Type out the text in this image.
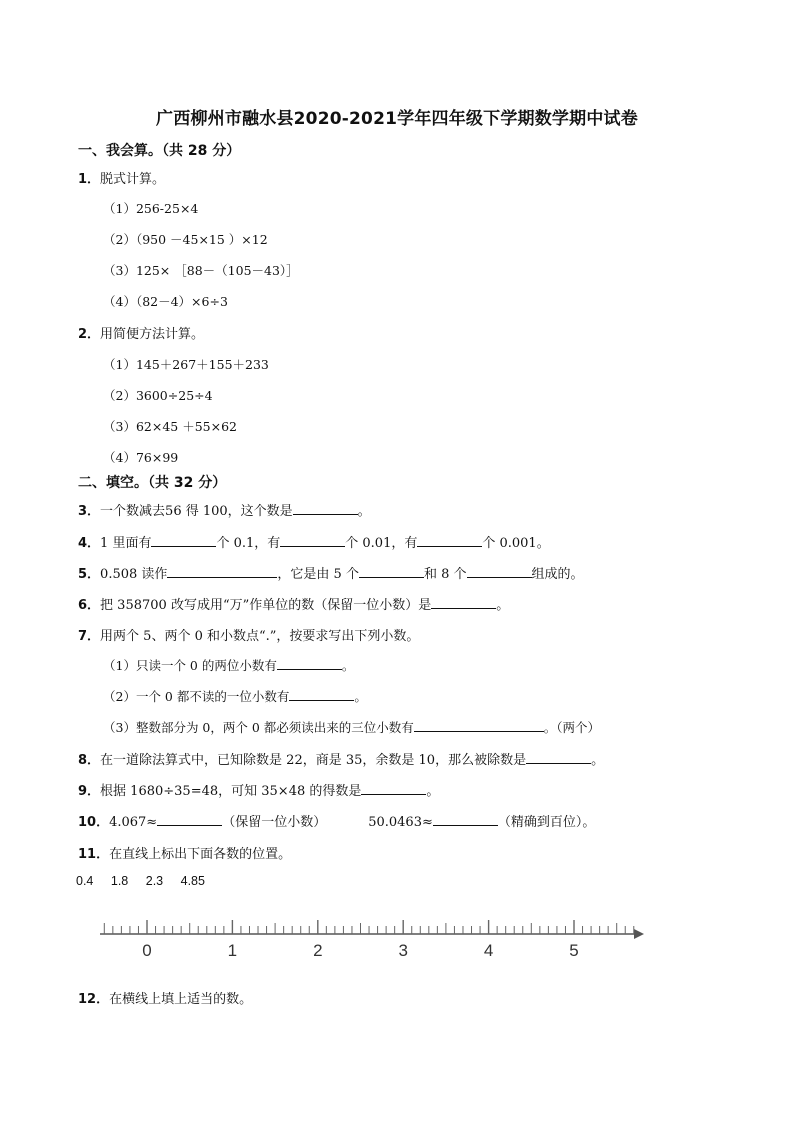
广西柳州市融水县2020-2021学年四年级下学期数学期中试卷
一、我会算。（共 28 分）
1．脱式计算。
（1）256-25×4
（2）（950 －45×15 ）×12
（3）125× ［88－（105－43）］
（4）（82－4）×6÷3
2．用简便方法计算。
（1）145＋267＋155＋233
（2）3600÷25÷4
（3）62×45 ＋55×62
（4）76×99
二、填空。（共 32 分）
3．一个数减去56 得 100，这个数是	。
4．1 里面有	个 0.1，有	个 0.01，有	个 0.001。
5．0.508 读作	，它是由 5 个	和 8 个	组成的。
6．把 358700 改写成用“万”作单位的数（保留一位小数）是	。
7．用两个 5、两个 0 和小数点“.”，按要求写出下列小数。
（1）只读一个 0 的两位小数有	。
（2）一个 0 都不读的一位小数有	。
（3）整数部分为 0，两个 0 都必须读出来的三位小数有	。（两个）
8．在一道除法算式中，已知除数是 22，商是 35，余数是 10，那么被除数是	。
9．根据 1680÷35=48，可知 35×48 的得数是	。
10．4.067≈	（保留一位小数）	50.0463≈	（精确到百位）。
11．在直线上标出下面各数的位置。
0.4 1.8 2.3 4.85
0	1	2	3	4	5
12．在横线上填上适当的数。
